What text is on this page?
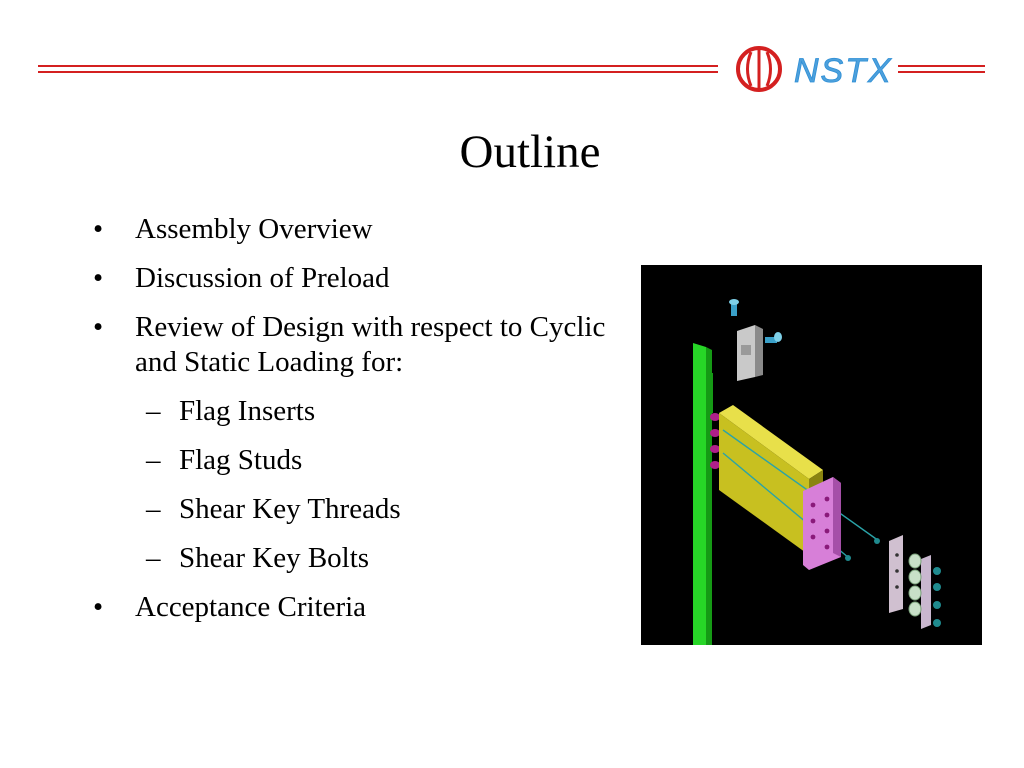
NSTX
Outline
•	Assembly Overview
•	Discussion of Preload
•	Review of Design with respect to Cyclic and Static Loading for:
– Flag Inserts
– Flag Studs
– Shear Key Threads
– Shear Key Bolts
•	Acceptance Criteria
